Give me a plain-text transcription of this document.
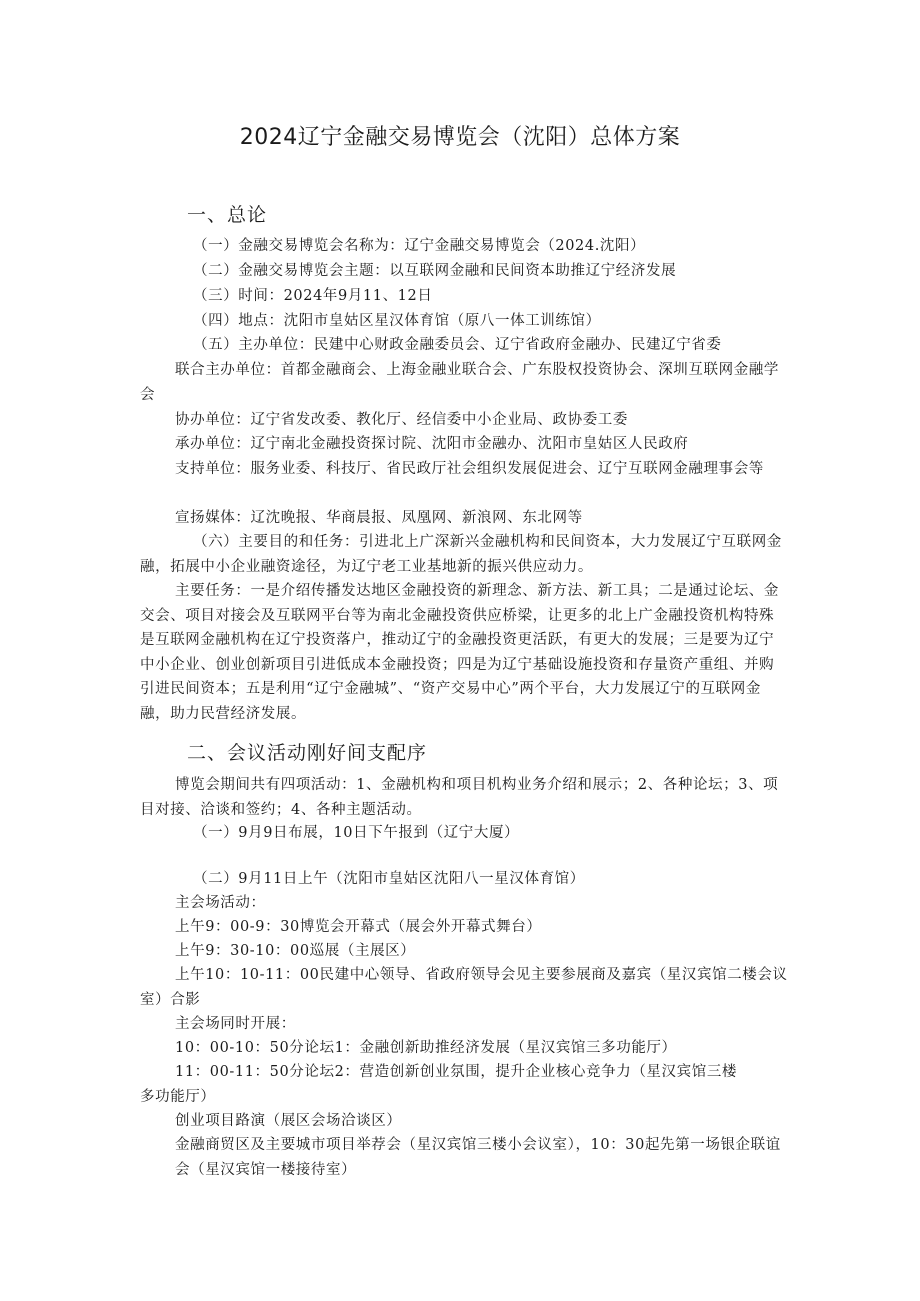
2024辽宁金融交易博览会（沈阳）总体方案
一、总论
（一）金融交易博览会名称为：辽宁金融交易博览会（2024.沈阳）
（二）金融交易博览会主题：以互联网金融和民间资本助推辽宁经济发展
（三）时间：2024年9月11、12日
（四）地点：沈阳市皇姑区星汉体育馆（原八一体工训练馆）
（五）主办单位：民建中心财政金融委员会、辽宁省政府金融办、民建辽宁省委
联合主办单位：首都金融商会、上海金融业联合会、广东股权投资协会、深圳互联网金融学会
协办单位：辽宁省发改委、教化厅、经信委中小企业局、政协委工委
承办单位：辽宁南北金融投资探讨院、沈阳市金融办、沈阳市皇姑区人民政府
支持单位：服务业委、科技厅、省民政厅社会组织发展促进会、辽宁互联网金融理事会等
宣扬媒体：辽沈晚报、华商晨报、凤凰网、新浪网、东北网等
（六）主要目的和任务：引进北上广深新兴金融机构和民间资本，大力发展辽宁互联网金融，拓展中小企业融资途径，为辽宁老工业基地新的振兴供应动力。
主要任务：一是介绍传播发达地区金融投资的新理念、新方法、新工具；二是通过论坛、金交会、项目对接会及互联网平台等为南北金融投资供应桥梁，让更多的北上广金融投资机构特殊是互联网金融机构在辽宁投资落户，推动辽宁的金融投资更活跃，有更大的发展；三是要为辽宁中小企业、创业创新项目引进低成本金融投资；四是为辽宁基础设施投资和存量资产重组、并购引进民间资本；五是利用“辽宁金融城”、“资产交易中心”两个平台，大力发展辽宁的互联网金融，助力民营经济发展。
二、会议活动刚好间支配序
博览会期间共有四项活动：1、金融机构和项目机构业务介绍和展示；2、各种论坛；3、项目对接、洽谈和签约；4、各种主题活动。
（一）9月9日布展，10日下午报到（辽宁大厦）
（二）9月11日上午（沈阳市皇姑区沈阳八一星汉体育馆）
主会场活动：
上午9：00-9：30博览会开幕式（展会外开幕式舞台）
上午9：30-10：00巡展（主展区）
上午10：10-11：00民建中心领导、省政府领导会见主要参展商及嘉宾（星汉宾馆二楼会议室）合影
主会场同时开展：
10：00-10：50分论坛1：金融创新助推经济发展（星汉宾馆三多功能厅）
11：00-11：50分论坛2：营造创新创业氛围，提升企业核心竞争力（星汉宾馆三楼多功能厅）
创业项目路演（展区会场洽谈区）
金融商贸区及主要城市项目举荐会（星汉宾馆三楼小会议室），10：30起先第一场银企联谊会（星汉宾馆一楼接待室）
